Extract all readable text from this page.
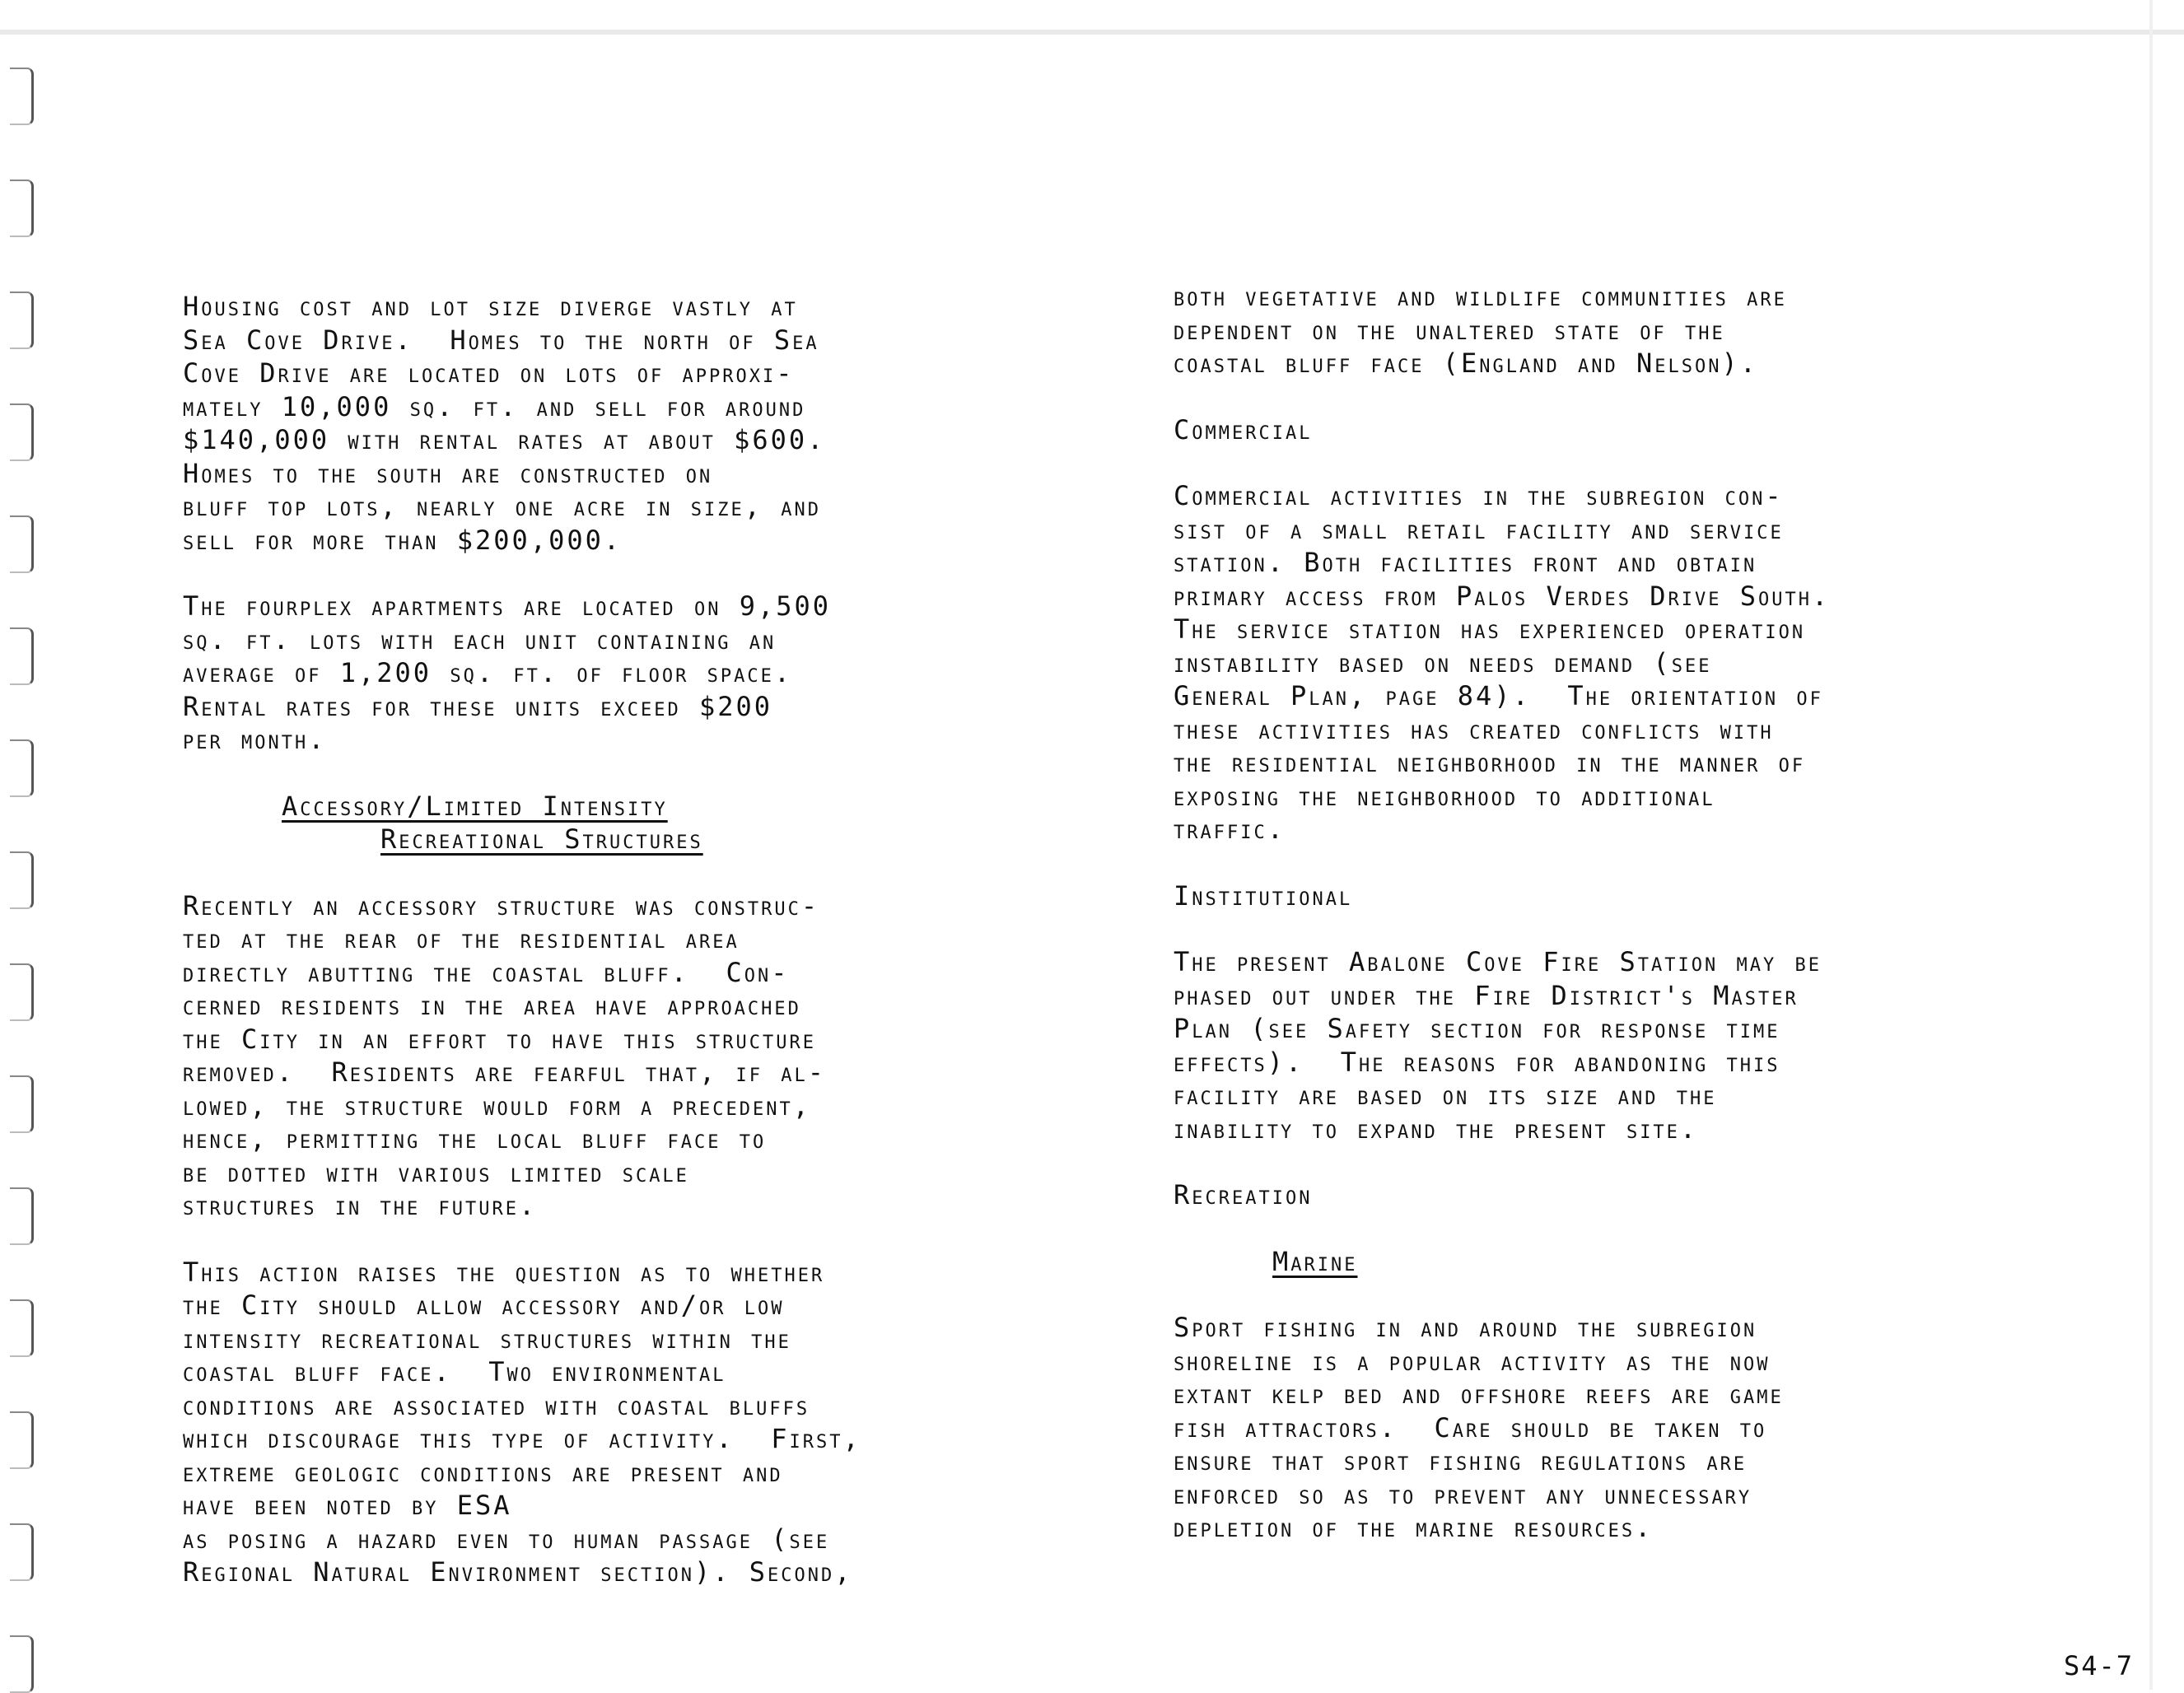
Housing cost and lot size diverge vastly at

Sea Cove Drive.  Homes to the north of Sea

Cove Drive are located on lots of approxi-

mately 10,000 sq. ft. and sell for around

$140,000 with rental rates at about $600.

Homes to the south are constructed on

bluff top lots, nearly one acre in size, and

sell for more than $200,000.

The fourplex apartments are located on 9,500

sq. ft. lots with each unit containing an

average of 1,200 sq. ft. of floor space.

Rental rates for these units exceed $200

per month.

Accessory/Limited Intensity

Recreational Structures

Recently an accessory structure was construc-

ted at the rear of the residential area

directly abutting the coastal bluff.  Con-

cerned residents in the area have approached

the City in an effort to have this structure

removed.  Residents are fearful that, if al-

lowed, the structure would form a precedent,

hence, permitting the local bluff face to

be dotted with various limited scale

structures in the future.

This action raises the question as to whether

the City should allow accessory and/or low

intensity recreational structures within the

coastal bluff face.  Two environmental

conditions are associated with coastal bluffs

which discourage this type of activity.  First,

extreme geologic conditions are present and

have been noted by ESA

as posing a hazard even to human passage (see

Regional Natural Environment section). Second,

both vegetative and wildlife communities are

dependent on the unaltered state of the

coastal bluff face (England and Nelson).

Commercial

Commercial activities in the subregion con-

sist of a small retail facility and service

station. Both facilities front and obtain

primary access from Palos Verdes Drive South.

The service station has experienced operation

instability based on needs demand (see

General Plan, page 84).  The orientation of

these activities has created conflicts with

the residential neighborhood in the manner of

exposing the neighborhood to additional

traffic.

Institutional

The present Abalone Cove Fire Station may be

phased out under the Fire District's Master

Plan (see Safety section for response time

effects).  The reasons for abandoning this

facility are based on its size and the

inability to expand the present site.

Recreation

Marine

Sport fishing in and around the subregion

shoreline is a popular activity as the now

extant kelp bed and offshore reefs are game

fish attractors.  Care should be taken to

ensure that sport fishing regulations are

enforced so as to prevent any unnecessary

depletion of the marine resources.

S4-7
